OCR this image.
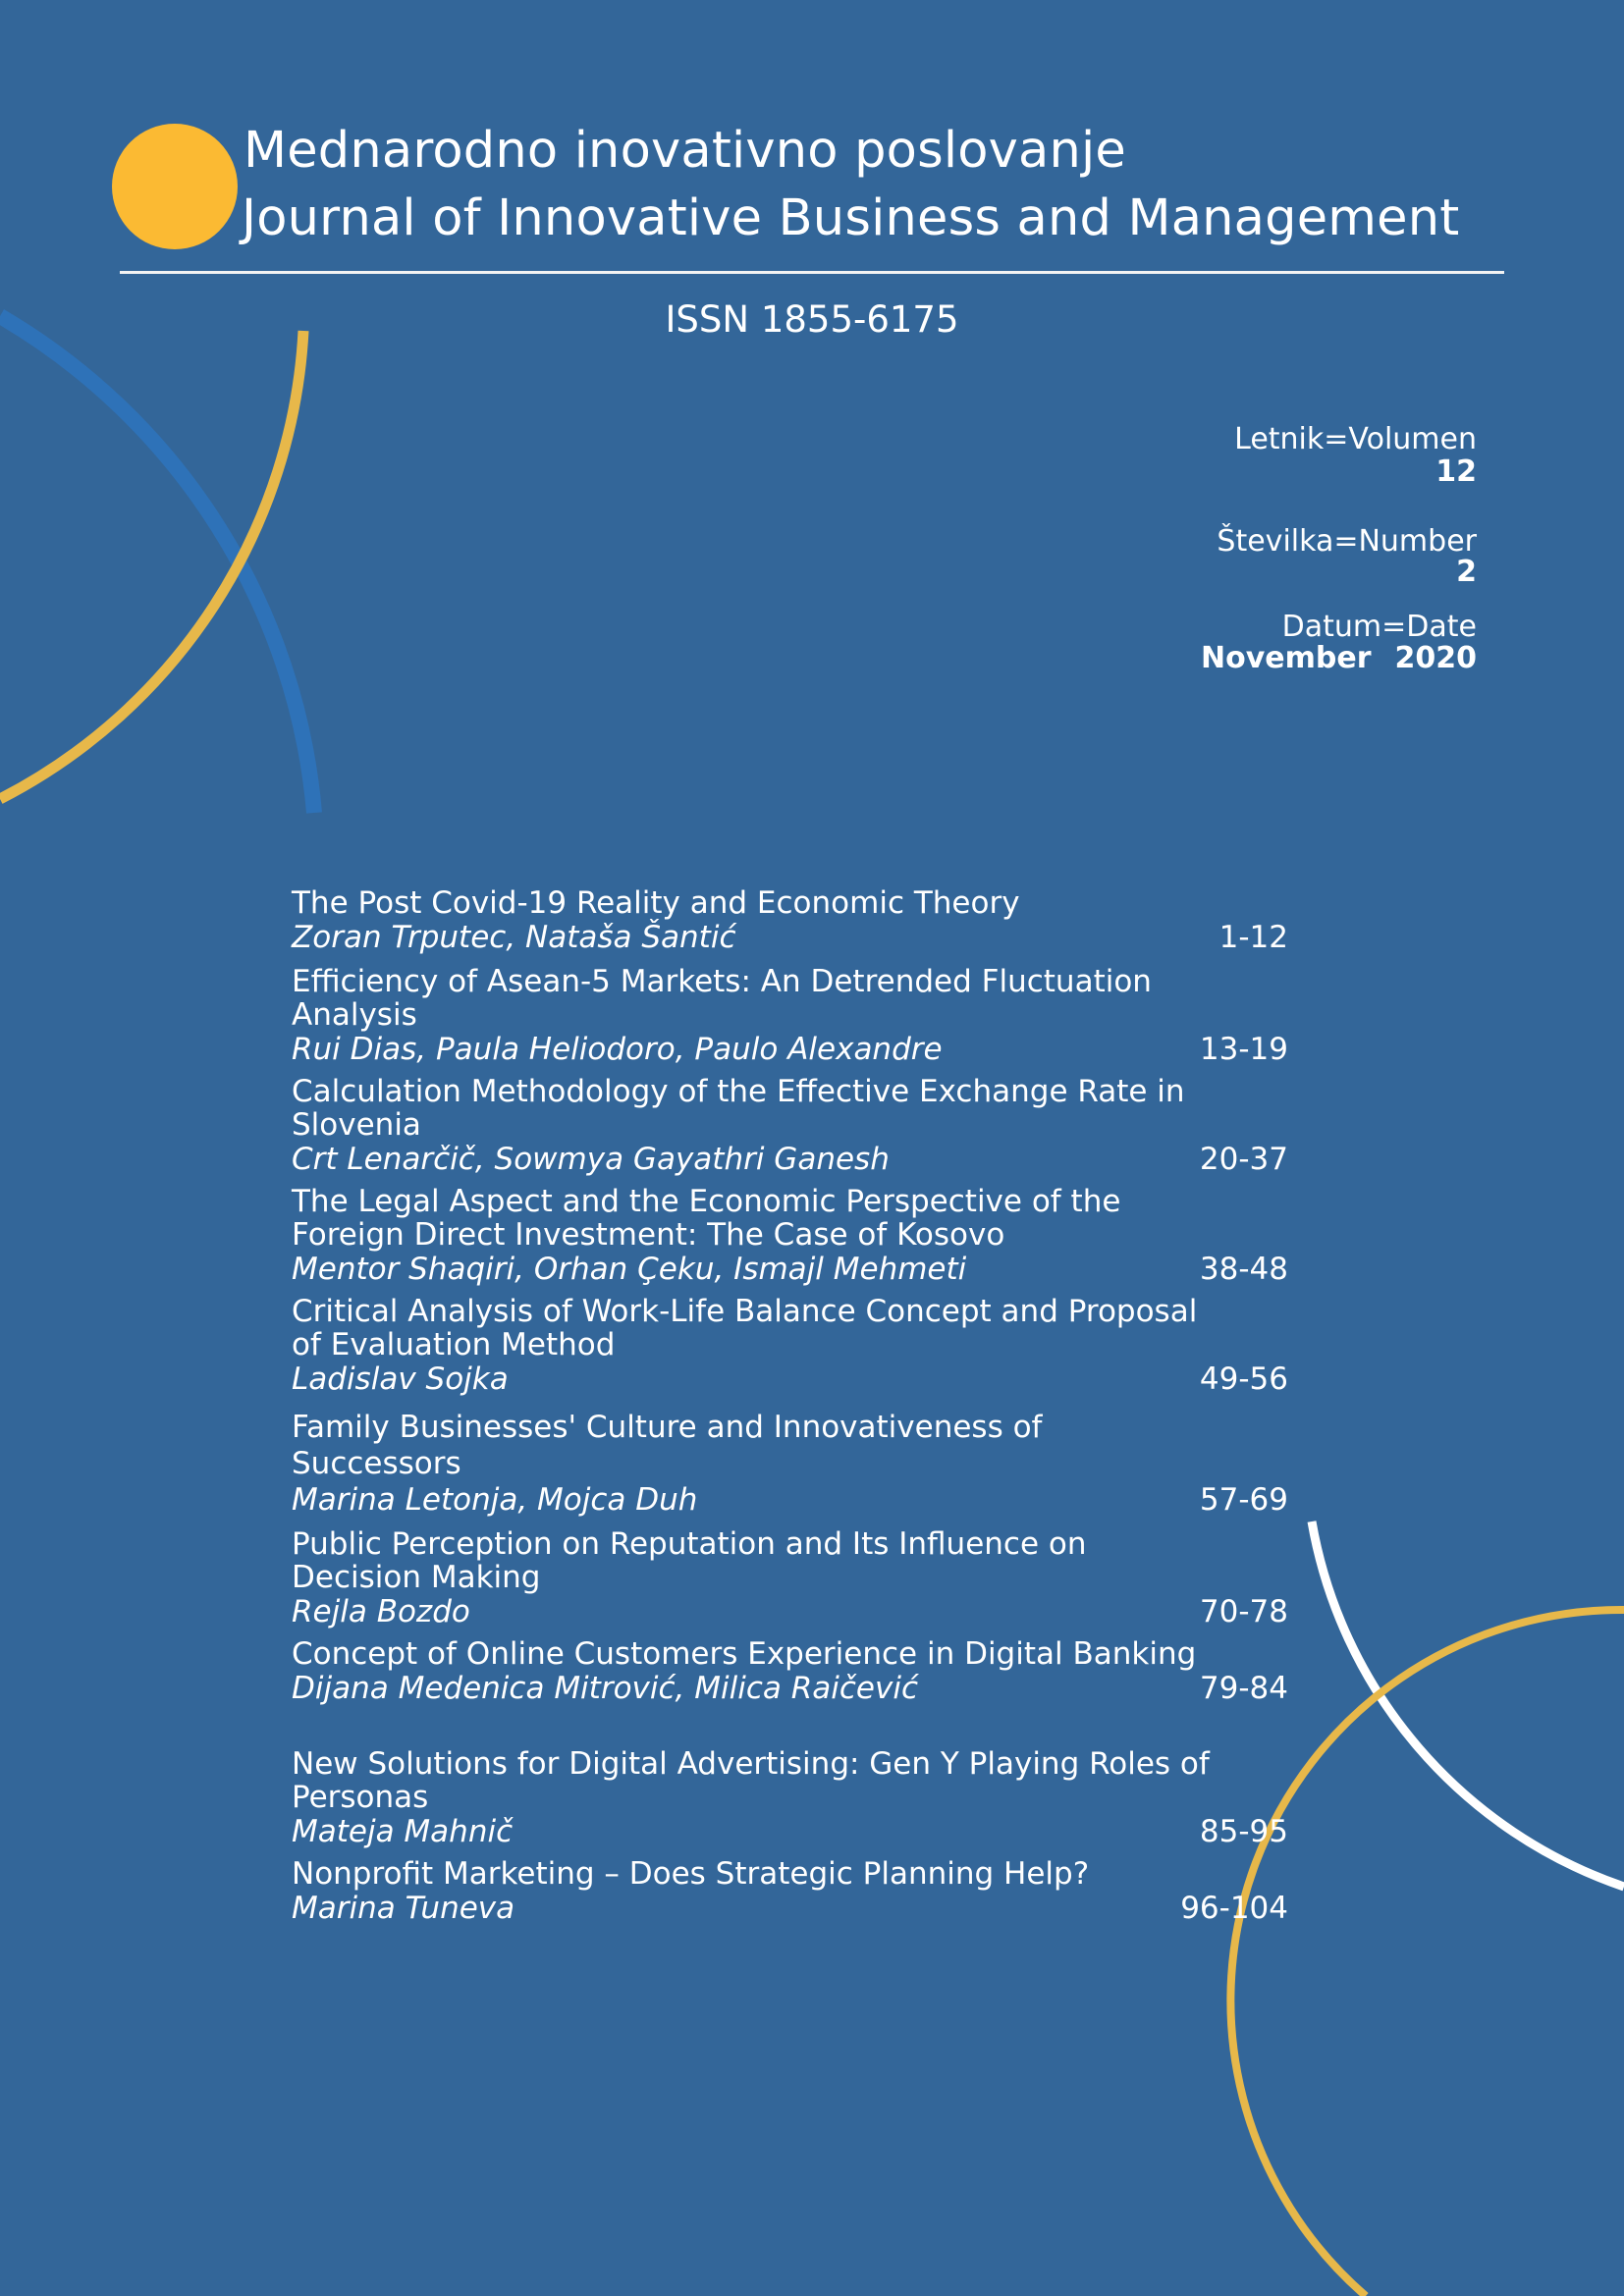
Mednarodno inovativno poslovanje
Journal of Innovative Business and Management
ISSN 1855-6175
Letnik=Volumen
12
Številka=Number
2
Datum=Date
November 2020
The Post Covid-19 Reality and Economic Theory
Zoran Trputec, Nataša Šantić	1-12
Efficiency of Asean-5 Markets: An Detrended Fluctuation Analysis
Rui Dias, Paula Heliodoro, Paulo Alexandre	13-19
Calculation Methodology of the Effective Exchange Rate in Slovenia
Crt Lenarčič, Sowmya Gayathri Ganesh	20-37
The Legal Aspect and the Economic Perspective of the Foreign Direct Investment: The Case of Kosovo
Mentor Shaqiri, Orhan Çeku, Ismajl Mehmeti	38-48
Critical Analysis of Work-Life Balance Concept and Proposal of Evaluation Method
Ladislav Sojka	49-56
Family Businesses' Culture and Innovativeness of Successors
Marina Letonja, Mojca Duh	57-69
Public Perception on Reputation and Its Influence on Decision Making
Rejla Bozdo	70-78
Concept of Online Customers Experience in Digital Banking
Dijana Medenica Mitrović, Milica Raičević	79-84
New Solutions for Digital Advertising: Gen Y Playing Roles of Personas
Mateja Mahnič	85-95
Nonprofit Marketing – Does Strategic Planning Help?
Marina Tuneva	96-104
